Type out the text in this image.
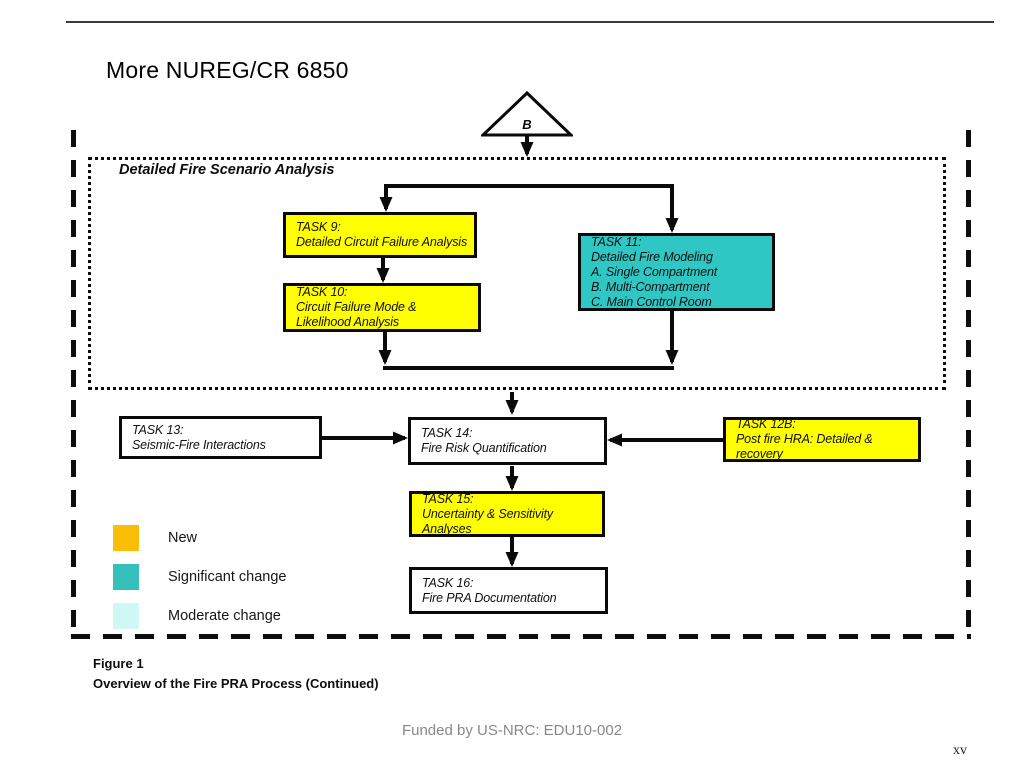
More NUREG/CR 6850
B
Detailed Fire Scenario Analysis
TASK 9:
Detailed Circuit Failure Analysis
TASK 10:
Circuit Failure Mode & Likelihood Analysis
TASK 11:
Detailed Fire Modeling
A. Single Compartment
B. Multi-Compartment
C. Main Control Room
TASK 13:
Seismic-Fire Interactions
TASK 14:
Fire Risk Quantification
TASK 12B:
Post fire HRA: Detailed & recovery
TASK 15:
Uncertainty & Sensitivity Analyses
TASK 16:
Fire PRA Documentation
New
Significant change
Moderate change
Figure 1
Overview of the Fire PRA Process (Continued)
Funded by US-NRC: EDU10-002
xv
